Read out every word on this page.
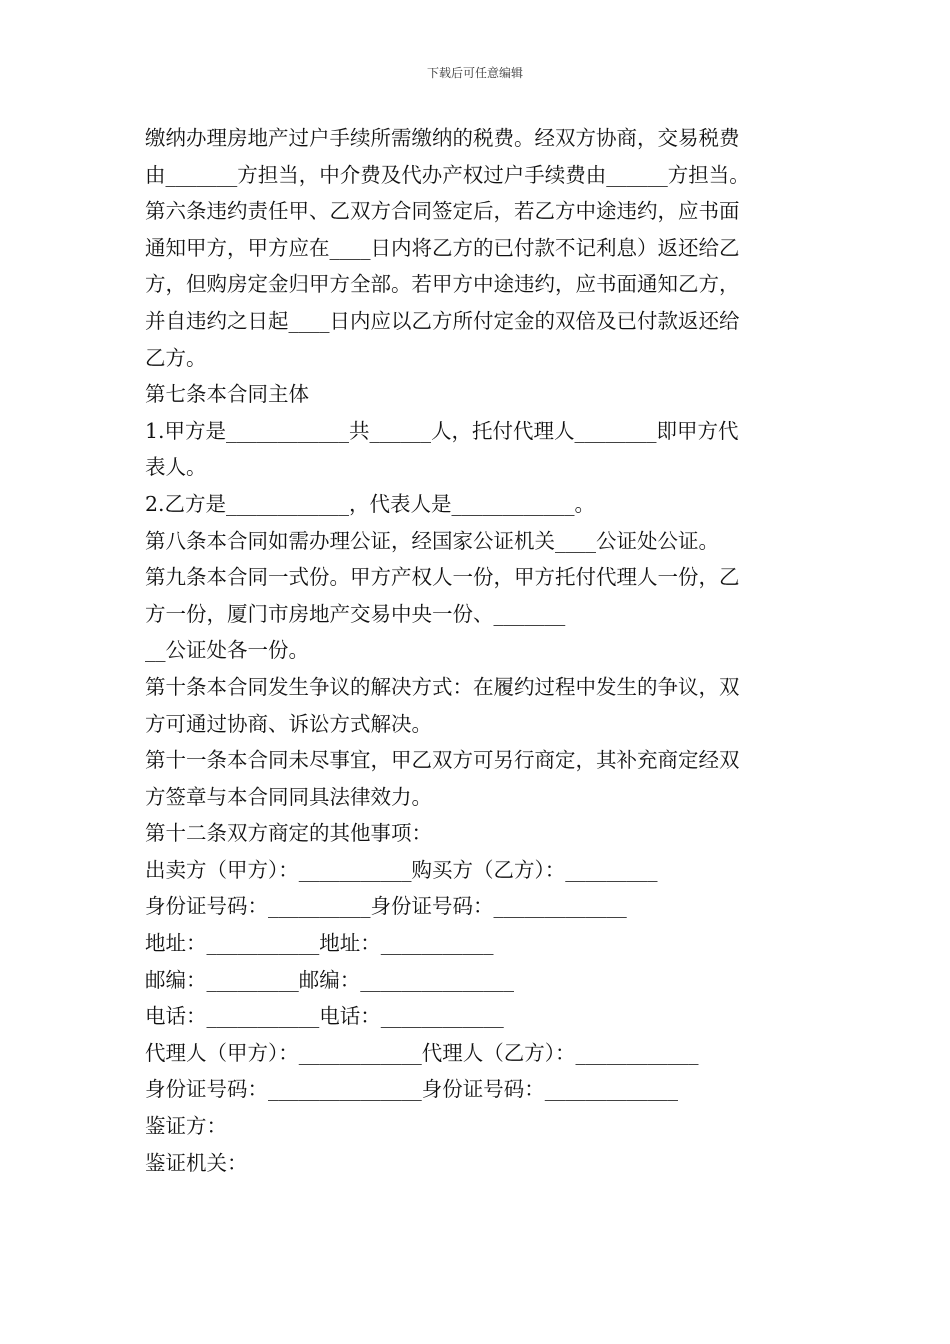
下载后可任意编辑
缴纳办理房地产过户手续所需缴纳的税费。经双方协商，交易税费
由_______方担当，中介费及代办产权过户手续费由______方担当。
第六条违约责任甲、乙双方合同签定后，若乙方中途违约，应书面
通知甲方，甲方应在____日内将乙方的已付款不记利息）返还给乙
方，但购房定金归甲方全部。若甲方中途违约，应书面通知乙方，
并自违约之日起____日内应以乙方所付定金的双倍及已付款返还给
乙方。
第七条本合同主体
1.甲方是____________共______人，托付代理人________即甲方代
表人。
2.乙方是____________，代表人是____________。
第八条本合同如需办理公证，经国家公证机关____公证处公证。
第九条本合同一式份。甲方产权人一份，甲方托付代理人一份，乙
方一份，厦门市房地产交易中央一份、_______
__公证处各一份。
第十条本合同发生争议的解决方式：在履约过程中发生的争议，双
方可通过协商、诉讼方式解决。
第十一条本合同未尽事宜，甲乙双方可另行商定，其补充商定经双
方签章与本合同同具法律效力。
第十二条双方商定的其他事项：
出卖方（甲方）：___________购买方（乙方）：_________
身份证号码：__________身份证号码：_____________
地址：___________地址：___________
邮编：_________邮编：_______________
电话：___________电话：____________
代理人（甲方）：____________代理人（乙方）：____________
身份证号码：_______________身份证号码：_____________
鉴证方：
鉴证机关：
